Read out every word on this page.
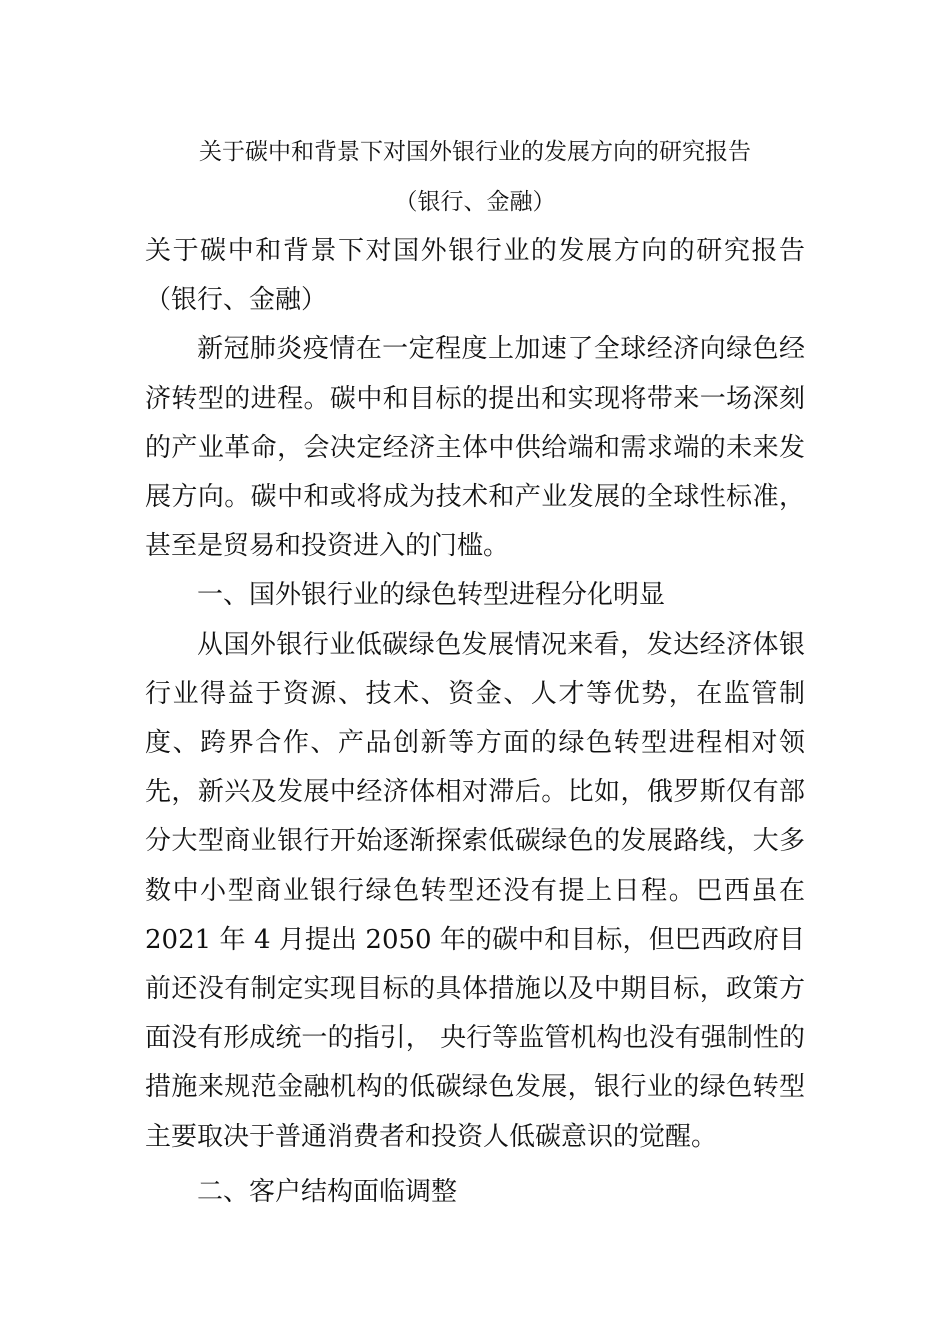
关于碳中和背景下对国外银行业的发展方向的研究报告
（银行、金融）

关于碳中和背景下对国外银行业的发展方向的研究报告

（银行、金融）

新冠肺炎疫情在一定程度上加速了全球经济向绿色经济转型的进程。碳中和目标的提出和实现将带来一场深刻的产业革命，会决定经济主体中供给端和需求端的未来发展方向。碳中和或将成为技术和产业发展的全球性标准，甚至是贸易和投资进入的门槛。

一、国外银行业的绿色转型进程分化明显

从国外银行业低碳绿色发展情况来看，发达经济体银行业得益于资源、技术、资金、人才等优势，在监管制度、跨界合作、产品创新等方面的绿色转型进程相对领先，新兴及发展中经济体相对滞后。比如，俄罗斯仅有部分大型商业银行开始逐渐探索低碳绿色的发展路线，大多数中小型商业银行绿色转型还没有提上日程。巴西虽在 2021 年 4 月提出 2050 年的碳中和目标，但巴西政府目前还没有制定实现目标的具体措施以及中期目标，政策方面没有形成统一的指引， 央行等监管机构也没有强制性的措施来规范金融机构的低碳绿色发展，银行业的绿色转型主要取决于普通消费者和投资人低碳意识的觉醒。

二、客户结构面临调整
